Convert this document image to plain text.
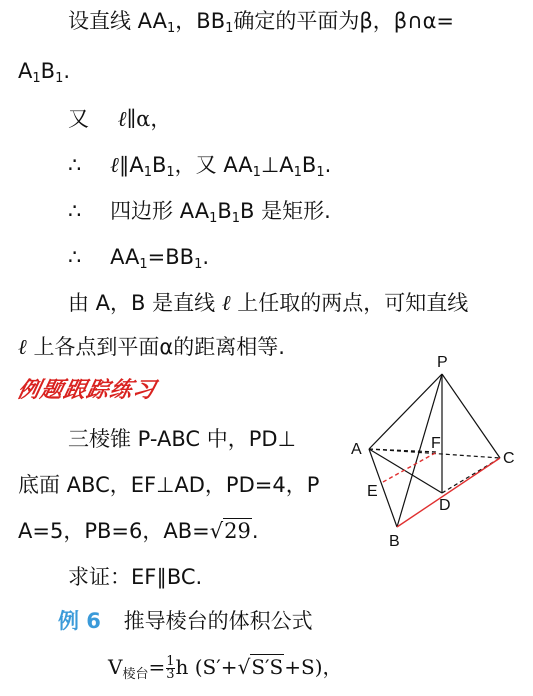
设直线 $AA_1$，$BB_1$确定的平面为β，β∩α=
$A_1B_1$.
又 ℓ∥α，
∴ $\ell\parallel A_1B_1$，又 $AA_1\perp A_1B_1$.
∴ 四边形 $AA_1B_1B$ 是矩形.
∴ $AA_1=BB_1$.
由 A，B 是直线 ℓ 上任取的两点，可知直线
ℓ 上各点到平面α的距离相等.
例题跟踪练习
三棱锥 P-ABC 中，PD⊥
底面 ABC，EF⊥AD，PD=4，P
A=5，PB=6，AB=√29.
求证：EF∥BC.
例 6 推导棱台的体积公式
$V_{棱台}=\frac{1}{3}$ h (S′+√S′S+S)，
P
A
B
C
D
E
F
